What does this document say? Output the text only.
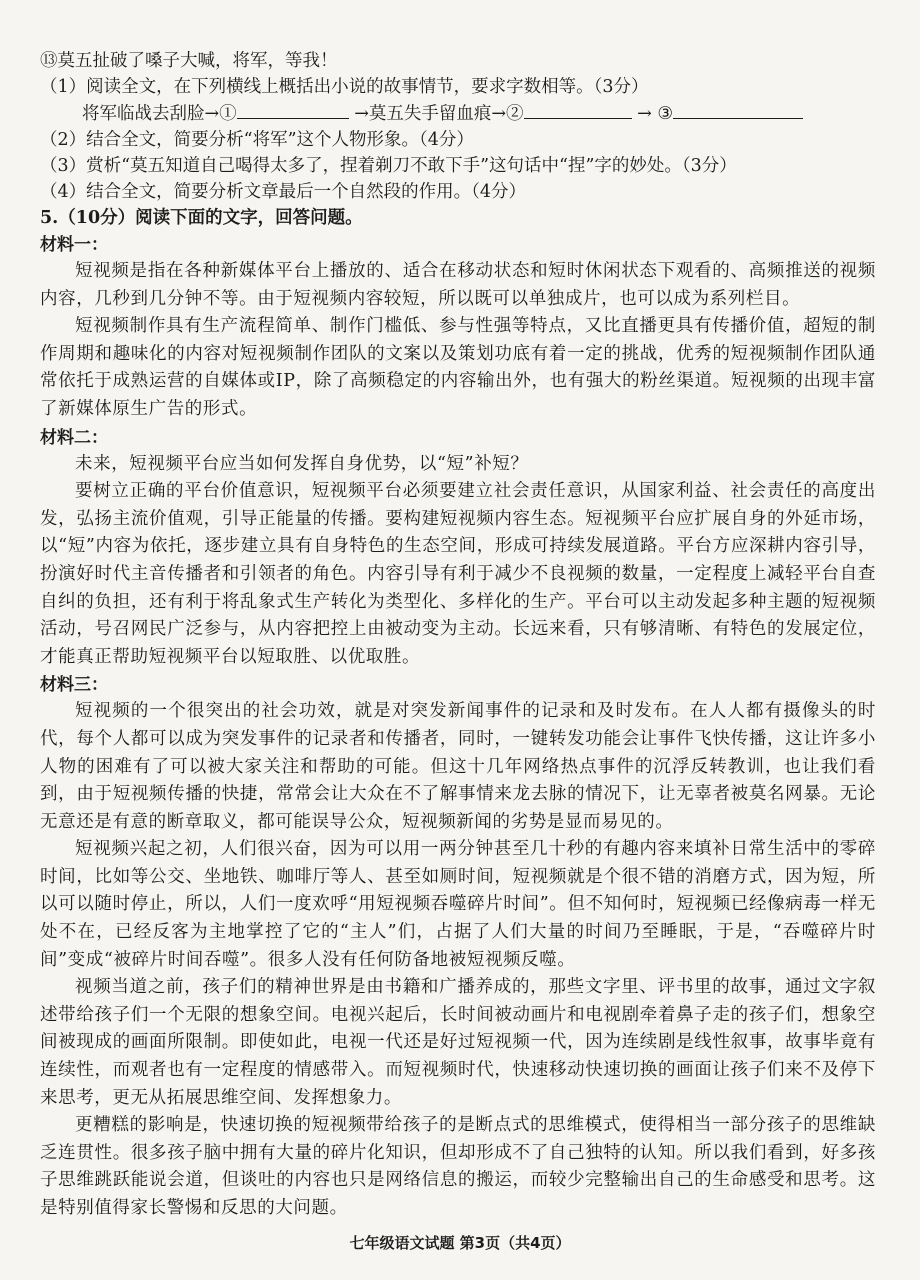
⑬莫五扯破了嗓子大喊，将军，等我！
（1）阅读全文，在下列横线上概括出小说的故事情节，要求字数相等。（3分）
将军临战去刮脸→①	→莫五失手留血痕→②	→ ③
（2）结合全文，简要分析“将军”这个人物形象。（4分）
（3）赏析“莫五知道自己喝得太多了，捏着剃刀不敢下手”这句话中“捏”字的妙处。（3分）
（4）结合全文，简要分析文章最后一个自然段的作用。（4分）
5.（10分）阅读下面的文字，回答问题。
材料一：

短视频是指在各种新媒体平台上播放的、适合在移动状态和短时休闲状态下观看的、高频推送的视频内容，几秒到几分钟不等。由于短视频内容较短，所以既可以单独成片，也可以成为系列栏目。

短视频制作具有生产流程简单、制作门槛低、参与性强等特点，又比直播更具有传播价值，超短的制作周期和趣味化的内容对短视频制作团队的文案以及策划功底有着一定的挑战，优秀的短视频制作团队通常依托于成熟运营的自媒体或IP，除了高频稳定的内容输出外，也有强大的粉丝渠道。短视频的出现丰富了新媒体原生广告的形式。

材料二：

未来，短视频平台应当如何发挥自身优势，以“短”补短？

要树立正确的平台价值意识，短视频平台必须要建立社会责任意识，从国家利益、社会责任的高度出发，弘扬主流价值观，引导正能量的传播。要构建短视频内容生态。短视频平台应扩展自身的外延市场，以“短”内容为依托，逐步建立具有自身特色的生态空间，形成可持续发展道路。平台方应深耕内容引导，扮演好时代主音传播者和引领者的角色。内容引导有利于减少不良视频的数量，一定程度上减轻平台自查自纠的负担，还有利于将乱象式生产转化为类型化、多样化的生产。平台可以主动发起多种主题的短视频活动，号召网民广泛参与，从内容把控上由被动变为主动。长远来看，只有够清晰、有特色的发展定位，才能真正帮助短视频平台以短取胜、以优取胜。

材料三：

短视频的一个很突出的社会功效，就是对突发新闻事件的记录和及时发布。在人人都有摄像头的时代，每个人都可以成为突发事件的记录者和传播者，同时，一键转发功能会让事件飞快传播，这让许多小人物的困难有了可以被大家关注和帮助的可能。但这十几年网络热点事件的沉浮反转教训，也让我们看到，由于短视频传播的快捷，常常会让大众在不了解事情来龙去脉的情况下，让无辜者被莫名网暴。无论无意还是有意的断章取义，都可能误导公众，短视频新闻的劣势是显而易见的。

短视频兴起之初，人们很兴奋，因为可以用一两分钟甚至几十秒的有趣内容来填补日常生活中的零碎时间，比如等公交、坐地铁、咖啡厅等人、甚至如厕时间，短视频就是个很不错的消磨方式，因为短，所以可以随时停止，所以，人们一度欢呼“用短视频吞噬碎片时间”。但不知何时，短视频已经像病毒一样无处不在，已经反客为主地掌控了它的“主人”们，占据了人们大量的时间乃至睡眠，于是，“吞噬碎片时间”变成“被碎片时间吞噬”。很多人没有任何防备地被短视频反噬。

视频当道之前，孩子们的精神世界是由书籍和广播养成的，那些文字里、评书里的故事，通过文字叙述带给孩子们一个无限的想象空间。电视兴起后，长时间被动画片和电视剧牵着鼻子走的孩子们，想象空间被现成的画面所限制。即使如此，电视一代还是好过短视频一代，因为连续剧是线性叙事，故事毕竟有连续性，而观者也有一定程度的情感带入。而短视频时代，快速移动快速切换的画面让孩子们来不及停下来思考，更无从拓展思维空间、发挥想象力。

更糟糕的影响是，快速切换的短视频带给孩子的是断点式的思维模式，使得相当一部分孩子的思维缺乏连贯性。很多孩子脑中拥有大量的碎片化知识，但却形成不了自己独特的认知。所以我们看到，好多孩子思维跳跃能说会道，但谈吐的内容也只是网络信息的搬运，而较少完整输出自己的生命感受和思考。这是特别值得家长警惕和反思的大问题。

七年级语文试题 第3页（共4页）
